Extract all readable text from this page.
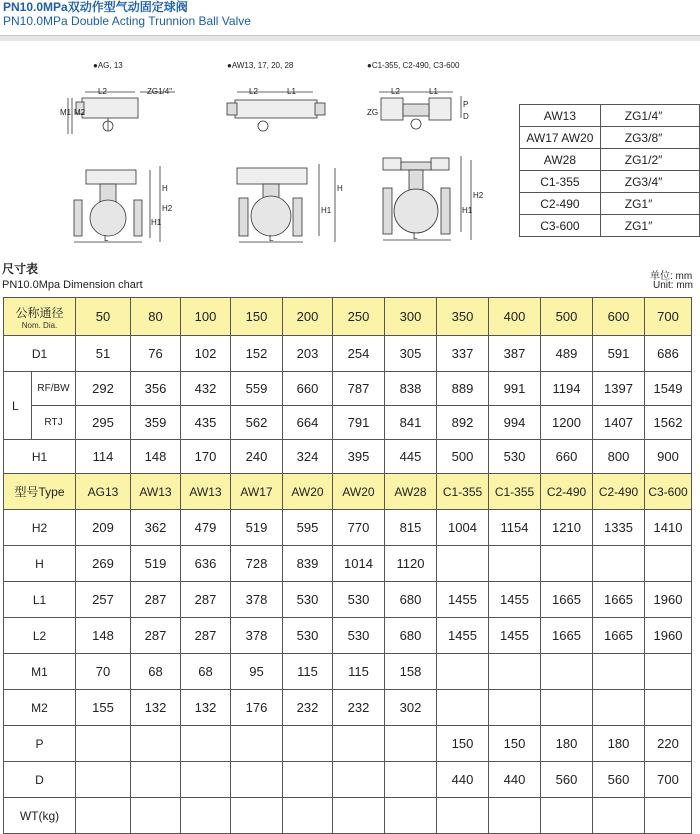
PN10.0MPa双动作型气动固定球阀
PN10.0MPa Double Acting Trunnion Ball Valve
●AG, 13
L2	ZG1/4"
M1 M2
H
H2
H1
L
●AW13, 17, 20, 28
L2	L1
H1
H
L
●C1-355, C2-490, C3-600
L2	L1
P
D
ZG
H2
H1
L
AW13	ZG1/4″
AW17 AW20	ZG3/8″
AW28	ZG1/2″
C1-355	ZG3/4″
C2-490	ZG1″
C3-600	ZG1″
尺寸表
PN10.0Mpa Dimension chart
单位: mm
Unit: mm
公称通径
Nom. Dia.		50	80	100	150	200	250	300	350	400	500	600	700
D1		51	76	102	152	203	254	305	337	387	489	591	686
L	RF/BW	292	356	432	559	660	787	838	889	991	1194	1397	1549
	RTJ	295	359	435	562	664	791	841	892	994	1200	1407	1562
H1		114	148	170	240	324	395	445	500	530	660	800	900
型号Type		AG13	AW13	AW13	AW17	AW20	AW20	AW28	C1-355	C1-355	C2-490	C2-490	C3-600
H2		209	362	479	519	595	770	815	1004	1154	1210	1335	1410
H		269	519	636	728	839	1014	1120					
L1		257	287	287	378	530	530	680	1455	1455	1665	1665	1960
L2		148	287	287	378	530	530	680	1455	1455	1665	1665	1960
M1		70	68	68	95	115	115	158					
M2		155	132	132	176	232	232	302					
P									150	150	180	180	220
D									440	440	560	560	700
WT(kg)													
